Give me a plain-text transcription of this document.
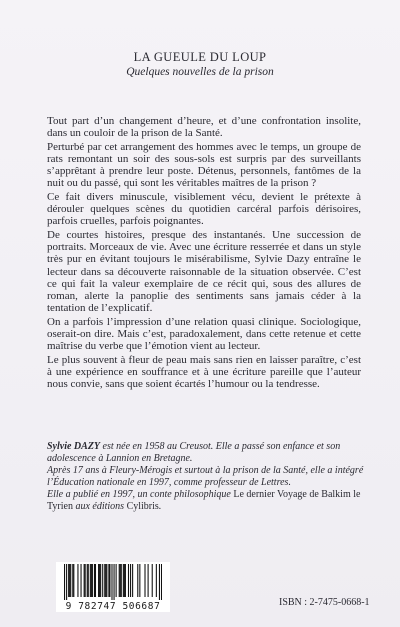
LA GUEULE DU LOUP
Quelques nouvelles de la prison

Tout part d’un changement d’heure, et d’une confrontation insolite, dans un couloir de la prison de la Santé.

Perturbé par cet arrangement des hommes avec le temps, un groupe de rats remontant un soir des sous-sols est surpris par des surveillants s’apprêtant à prendre leur poste. Détenus, personnels, fantômes de la nuit ou du passé, qui sont les véritables maîtres de la prison ?

Ce fait divers minuscule, visiblement vécu, devient le prétexte à dérouler quelques scènes du quotidien carcéral parfois dérisoires, parfois cruelles, parfois poignantes.

De courtes histoires, presque des instantanés. Une succession de portraits. Morceaux de vie. Avec une écriture resserrée et dans un style très pur en évitant toujours le misérabilisme, Sylvie Dazy entraîne le lecteur dans sa découverte raisonnable de la situation observée. C’est ce qui fait la valeur exemplaire de ce récit qui, sous des allures de roman, alerte la panoplie des sentiments sans jamais céder à la tentation de l’explicatif.

On a parfois l’impression d’une relation quasi clinique. Sociologique, oserait-on dire. Mais c’est, paradoxalement, dans cette retenue et cette maîtrise du verbe que l’émotion vient au lecteur.

Le plus souvent à fleur de peau mais sans rien en laisser paraître, c’est à une expérience en souffrance et à une écriture pareille que l’auteur nous convie, sans que soient écartés l’humour ou la tendresse.

Sylvie DAZY est née en 1958 au Creusot. Elle a passé son enfance et son adolescence à Lannion en Bretagne.

Après 17 ans à Fleury-Mérogis et surtout à la prison de la Santé, elle a intégré l’Éducation nationale en 1997, comme professeur de Lettres.

Elle a publié en 1997, un conte philosophique Le dernier Voyage de Balkim le Tyrien aux éditions Cylibris.

9 782747 506687	ISBN : 2-7475-0668-1
